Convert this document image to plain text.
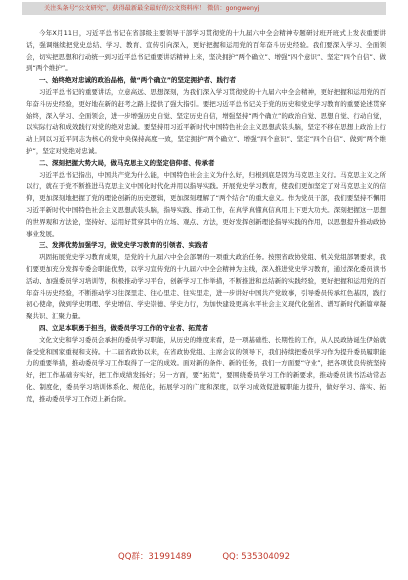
关注头条号“公文研究”，获得最新最全最好的公文资料库！ 微信：gongwenyj

今年X月11日，习近平总书记在省部级主要领导干部学习贯彻党的十九届六中全会精神专题研讨班开班式上发表重要讲话，强调继续把党史总结、学习、教育、宣传引向深入，更好把握和运用党的百年奋斗历史经验。我们要深入学习、全面领会，切实把思想和行动统一到习近平总书记重要讲话精神上来，坚决拥护“两个确立”、增强“四个意识”、坚定“四个自信”、做到“两个维护”。

一、始终绝对忠诚的政治品格，做“两个确立”的坚定拥护者、践行者

习近平总书记的重要讲话，立意高远、思想深刻，为我们深入学习贯彻党的十九届六中全会精神，更好把握和运用党的百年奋斗历史经验，更好地在新的赶考之路上提供了强大指引。要把习近平总书记关于党的历史和党史学习教育的重要论述贯穿始终，深入学习、全面领会，进一步增强历史自觉、坚定历史自信，增强坚持“两个确立”的政治自觉、思想自觉、行动自觉，以实际行动和成效践行对党的绝对忠诚。要坚持用习近平新时代中国特色社会主义思想武装头脑，坚定不移在思想上政治上行动上同以习近平同志为核心的党中央保持高度一致，坚定拥护“两个确立”、增强“四个意识”、坚定“四个自信”、做到“两个维护”，坚定对党绝对忠诚。

二、深刻把握大势大局，做马克思主义的坚定信仰者、传承者

习近平总书记指出，中国共产党为什么能，中国特色社会主义为什么好，归根到底是因为马克思主义行。马克思主义之所以行，就在于党不断推进马克思主义中国化时代化并用以指导实践。开展党史学习教育，使我们更加坚定了对马克思主义的信仰，更加深刻地把握了党的理论创新的历史逻辑，更加深刻理解了“两个结合”的重大意义。作为党员干部，我们要坚持不懈用习近平新时代中国特色社会主义思想武装头脑，指导实践、推动工作，在真学真懂真信真用上下更大功夫。深刻把握这一思想的世界观和方法论，坚持好、运用好贯穿其中的立场、观点、方法，更好发挥创新理论指导实践的作用，以思想提升推动政协事业发展。

三、发挥优势加强学习，做党史学习教育的引领者、实践者

巩固拓展党史学习教育成果，是党的十九届六中全会部署的一项重大政治任务。按照省政协党组、机关党组部署要求，我们要更加充分发挥专委会职能优势，以学习宣传党的十九届六中全会精神为主线，深入推进党史学习教育，通过深化委员读书活动、加强委员学习培训等，积极推动学习平台，创新学习工作举措，不断推进和总结新的实践经验，更好把握和运用党的百年奋斗历史经验，不断推动学习往深里走、往心里走、往实里走，进一步讲好中国共产党故事，引导委员传承红色基因，践行初心使命，做到学史明理、学史增信、学史崇德、学史力行，为加快建设更高水平社会主义现代化强省、谱写新时代新篇章凝聚共识、汇聚力量。

四、立足本职勇于担当，做委员学习工作的守业者、拓荒者

文化文史和学习委员会承担的委员学习职能，从历史的维度来看，是一项基础性、长期性的工作，从人民政协诞生伊始就备受党和国家重视和支持。十二届省政协以来，在省政协党组、主席会议的领导下，我们持续把委员学习作为提升委员履职能力的重要举措，推动委员学习工作取得了一定的成效。面对新的条件、新的任务，我们一方面要“守业”，把各项优良传统坚持好，把工作基础夯实好，把工作成绩发扬好；另一方面，要“拓荒”，要围绕委员学习工作的新要求，推动委员读书活动常态化、制度化，委员学习培训体系化、规范化，拓展学习的广度和深度，以学习成效促进履职能力提升，做好学习、落实、拓荒，推动委员学习工作迈上新台阶。

QQ群：31991489	QQ: 535304092
